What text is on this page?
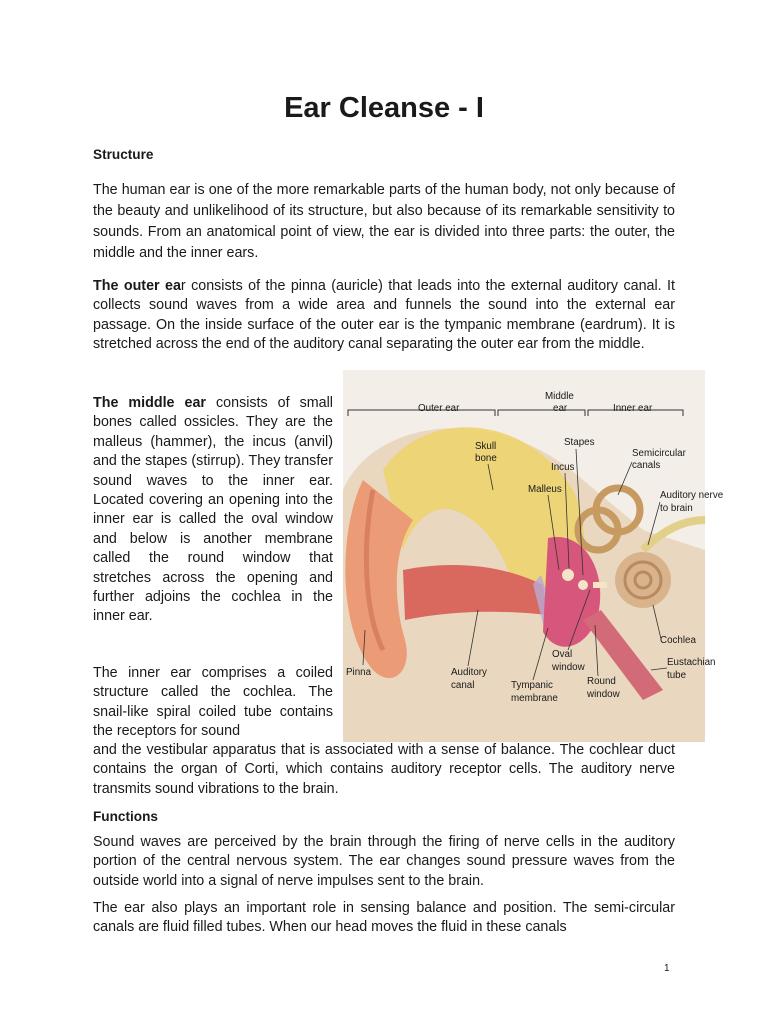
Ear Cleanse - I
Structure

The human ear is one of the more remarkable parts of the human body, not only because of the beauty and unlikelihood of its structure, but also because of its remarkable sensitivity to sounds. From an anatomical point of view, the ear is divided into three parts: the outer, the middle and the inner ears.

The outer ear consists of the pinna (auricle) that leads into the external auditory canal. It collects sound waves from a wide area and funnels the sound into the external ear passage. On the inside surface of the outer ear is the tympanic membrane (eardrum). It is stretched across the end of the auditory canal separating the outer ear from the middle.

The middle ear consists of small bones called ossicles. They are the malleus (hammer), the incus (anvil) and the stapes (stirrup). They transfer sound waves to the inner ear. Located covering an opening into the inner ear is called the oval window and below is another membrane called the round window that stretches across the opening and further adjoins the cochlea in the inner ear.

The inner ear comprises a coiled structure called the cochlea. The snail-like spiral coiled tube contains the receptors for sound

and the vestibular apparatus that is associated with a sense of balance. The cochlear duct contains the organ of Corti, which contains auditory receptor cells. The auditory nerve transmits sound vibrations to the brain.

Outer ear
Middle
ear	Inner ear
Skull
bone
Stapes
Incus
Malleus
Semicircular
canals
Auditory nerve
to brain
Cochlea
Eustachian
tube
Oval
window
Round
window
Tympanic
membrane
Auditory
canal
Pinna
Functions

Sound waves are perceived by the brain through the firing of nerve cells in the auditory portion of the central nervous system. The ear changes sound pressure waves from the outside world into a signal of nerve impulses sent to the brain.

The ear also plays an important role in sensing balance and position. The semi-circular canals are fluid filled tubes. When our head moves the fluid in these canals

1
